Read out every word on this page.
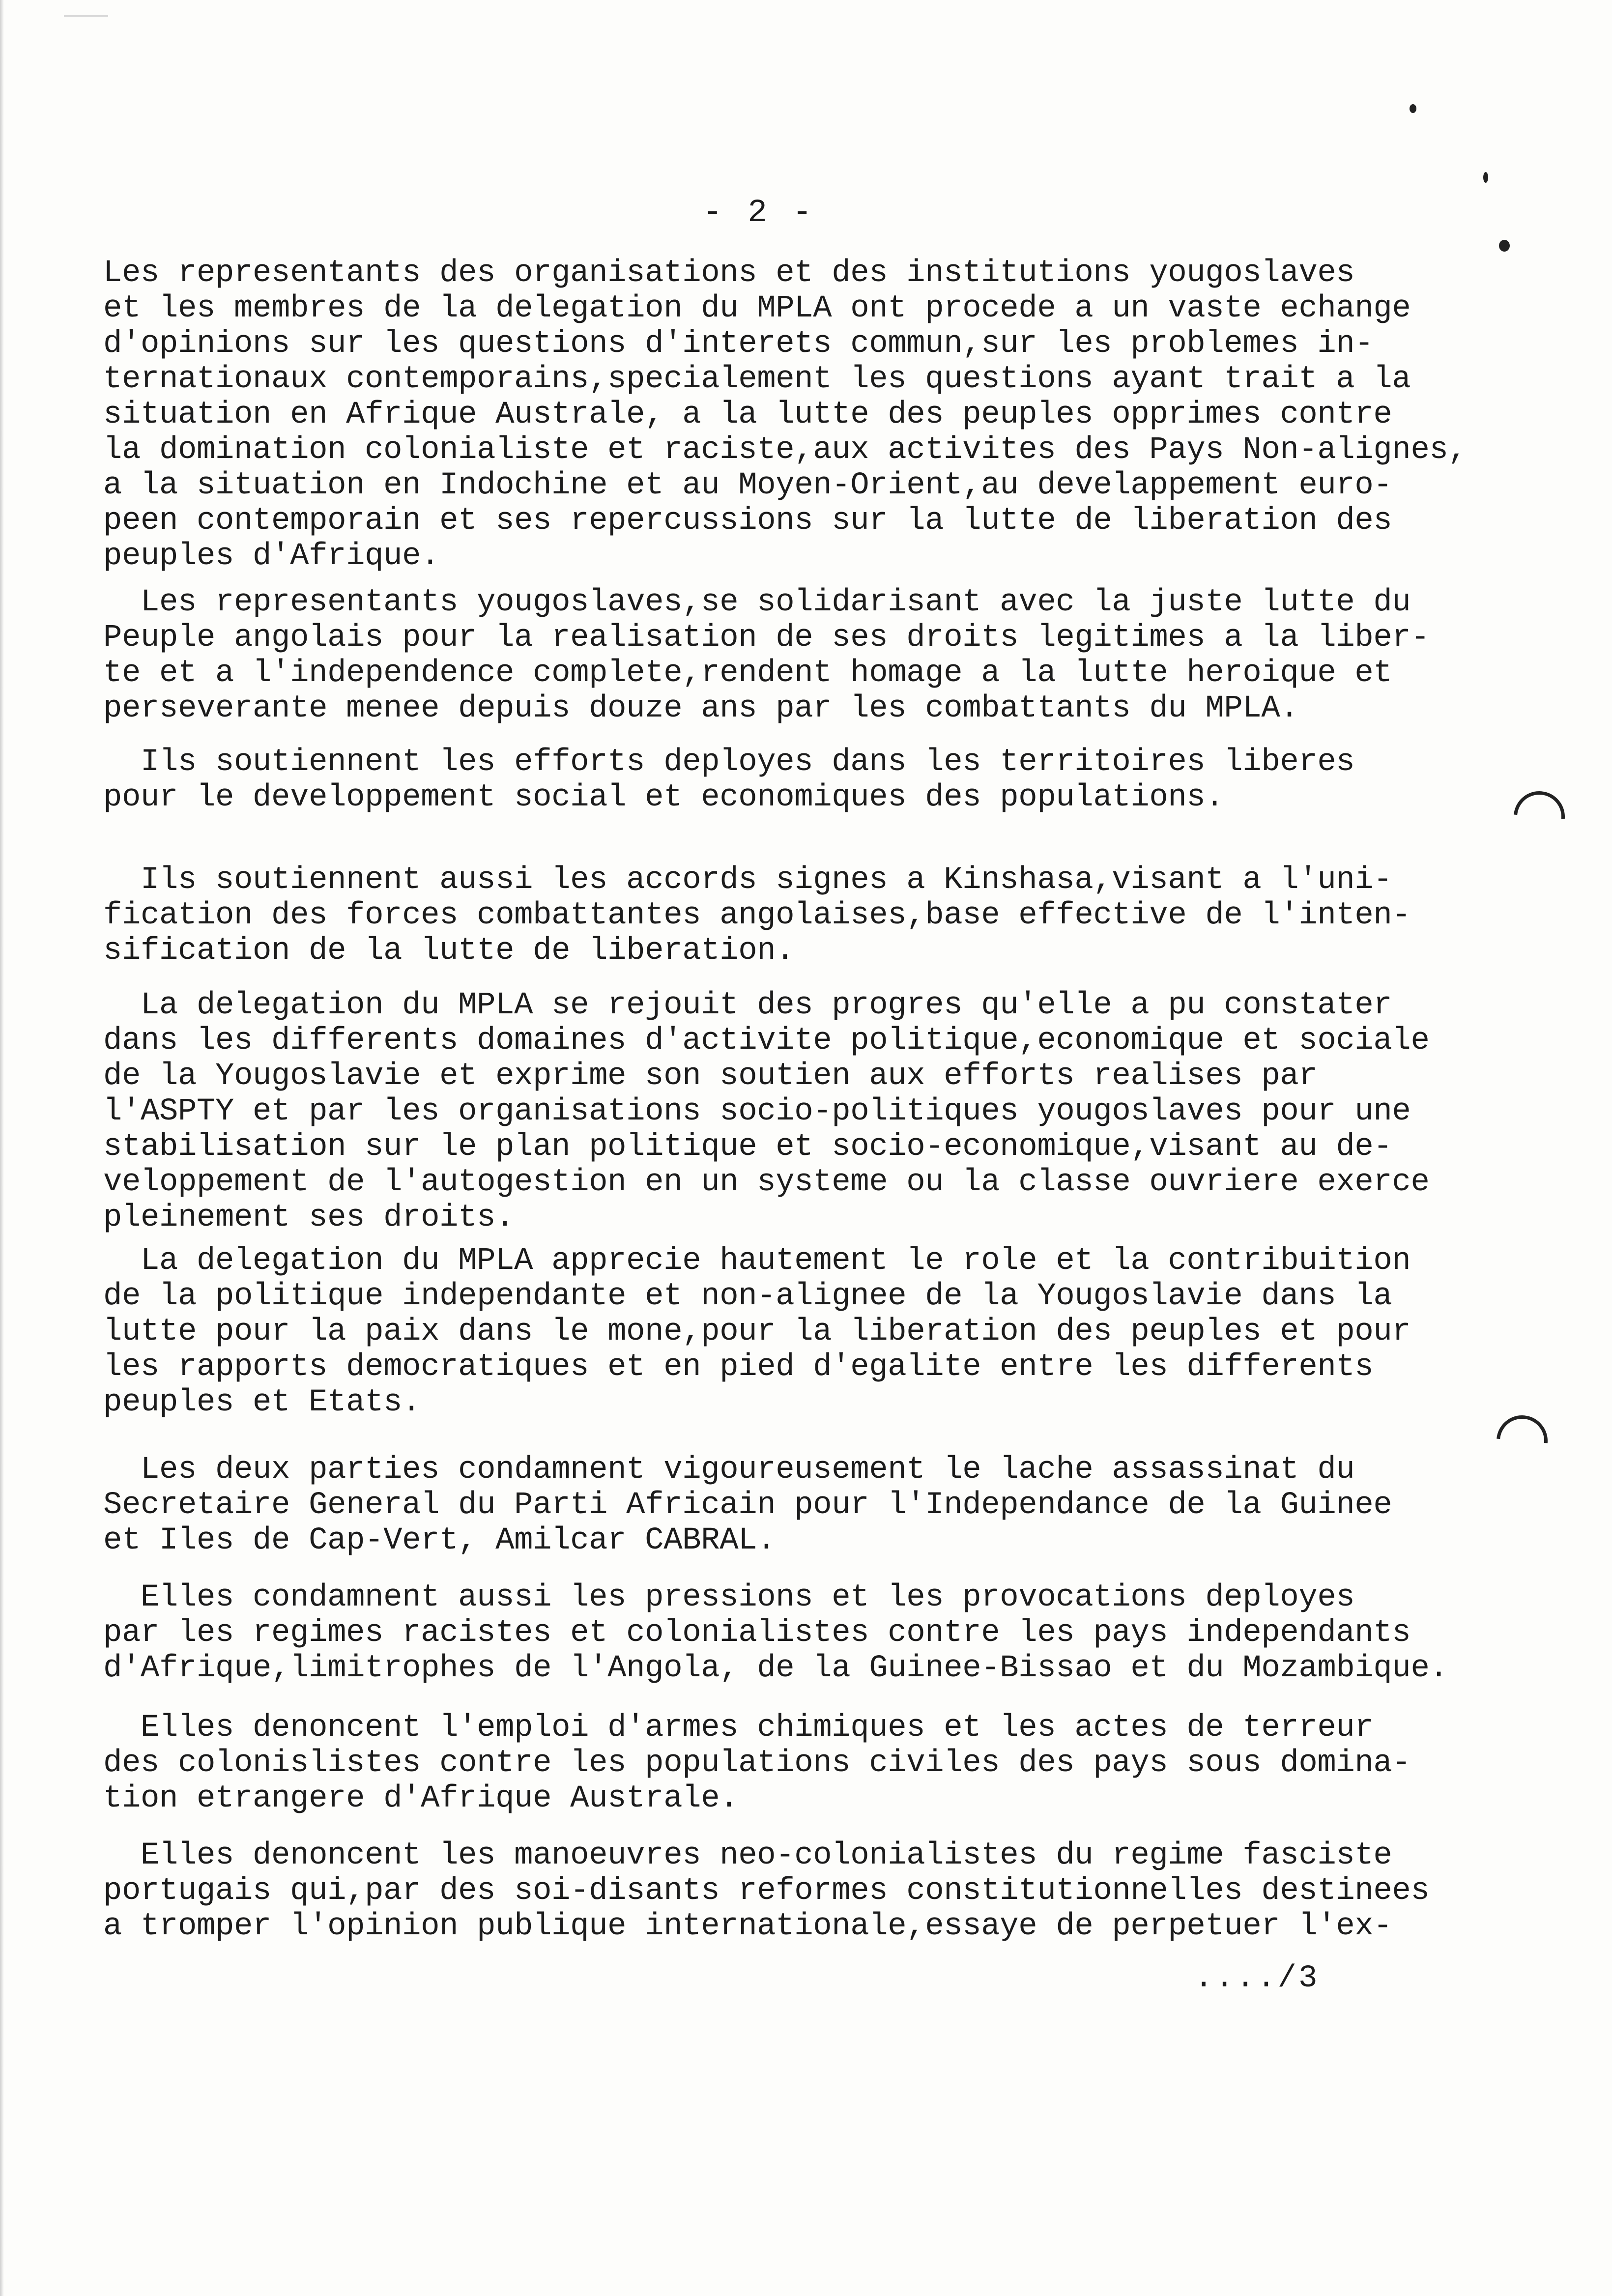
- 2 -
Les representants des organisations et des institutions yougoslaves
et les membres de la delegation du MPLA ont procede a un vaste echange
d'opinions sur les questions d'interets commun,sur les problemes in-
ternationaux contemporains,specialement les questions ayant trait a la
situation en Afrique Australe, a la lutte des peuples opprimes contre
la domination colonialiste et raciste,aux activites des Pays Non-alignes,
a la situation en Indochine et au Moyen-Orient,au develappement euro-
peen contemporain et ses repercussions sur la lutte de liberation des
peuples d'Afrique.
Les representants yougoslaves,se solidarisant avec la juste lutte du
Peuple angolais pour la realisation de ses droits legitimes a la liber-
te et a l'independence complete,rendent homage a la lutte heroique et
perseverante menee depuis douze ans par les combattants du MPLA.
Ils soutiennent les efforts deployes dans les territoires liberes
pour le developpement social et economiques des populations.
Ils soutiennent aussi les accords signes a Kinshasa,visant a l'uni-
fication des forces combattantes angolaises,base effective de l'inten-
sification de la lutte de liberation.
La delegation du MPLA se rejouit des progres qu'elle a pu constater
dans les differents domaines d'activite politique,economique et sociale
de la Yougoslavie et exprime son soutien aux efforts realises par
l'ASPTY et par les organisations socio-politiques yougoslaves pour une
stabilisation sur le plan politique et socio-economique,visant au de-
veloppement de l'autogestion en un systeme ou la classe ouvriere exerce
pleinement ses droits.
La delegation du MPLA apprecie hautement le role et la contribuition
de la politique independante et non-alignee de la Yougoslavie dans la
lutte pour la paix dans le mone,pour la liberation des peuples et pour
les rapports democratiques et en pied d'egalite entre les differents
peuples et Etats.
Les deux parties condamnent vigoureusement le lache assassinat du
Secretaire General du Parti Africain pour l'Independance de la Guinee
et Iles de Cap-Vert, Amilcar CABRAL.
Elles condamnent aussi les pressions et les provocations deployes
par les regimes racistes et colonialistes contre les pays independants
d'Afrique,limitrophes de l'Angola, de la Guinee-Bissao et du Mozambique.
Elles denoncent l'emploi d'armes chimiques et les actes de terreur
des colonislistes contre les populations civiles des pays sous domina-
tion etrangere d'Afrique Australe.
Elles denoncent les manoeuvres neo-colonialistes du regime fasciste
portugais qui,par des soi-disants reformes constitutionnelles destinees
a tromper l'opinion publique internationale,essaye de perpetuer l'ex-
..../3
